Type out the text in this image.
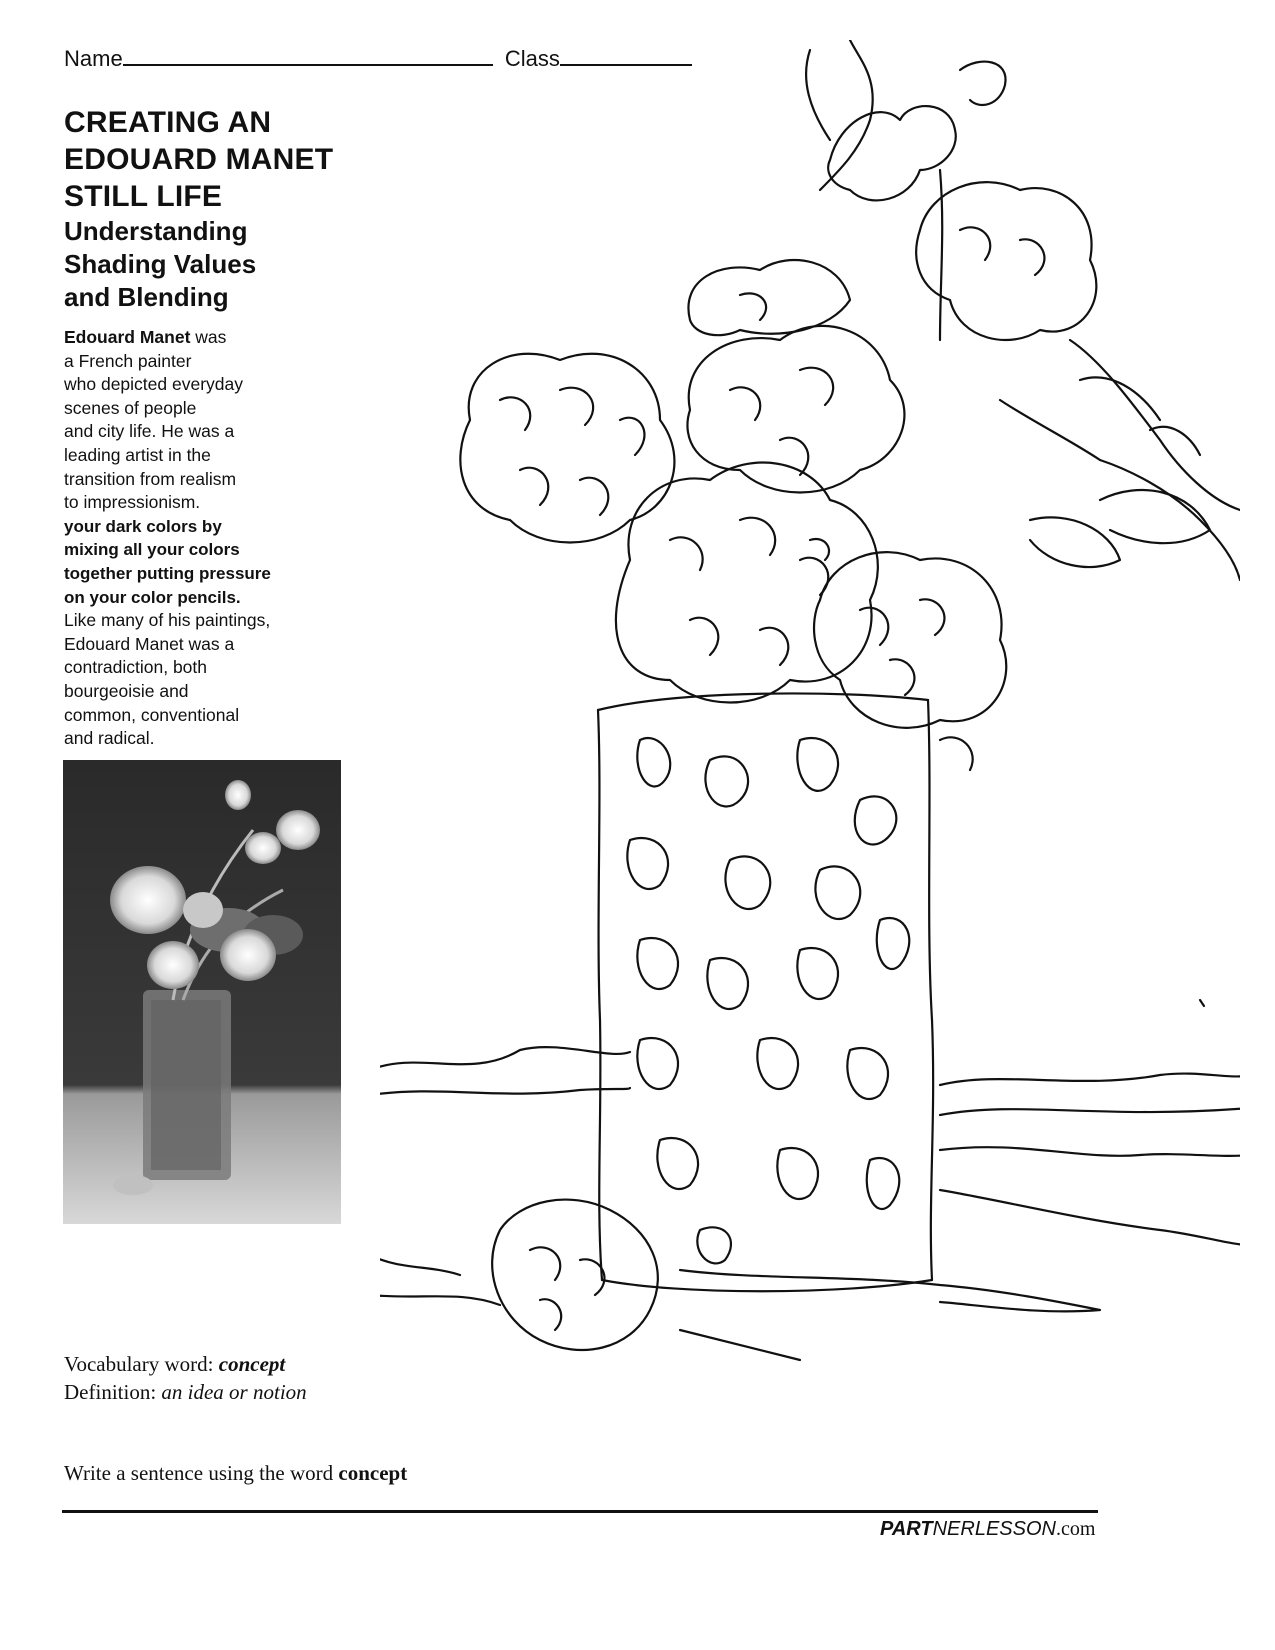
Name	Class
CREATING AN
EDOUARD MANET
STILL LIFE
Understanding
Shading Values
and Blending

Edouard Manet was

a French painter

who depicted everyday

scenes of people

and city life. He was a

leading artist in the

transition from realism

to impressionism.

your dark colors by

mixing all your colors

together putting pressure

on your color pencils.

Like many of his paintings,

Edouard Manet was a

contradiction, both

bourgeoisie and

common, conventional

and radical.

Vocabulary word: concept
Definition: an idea or notion
Write a sentence using the word concept
PARTNERLESSON.com
